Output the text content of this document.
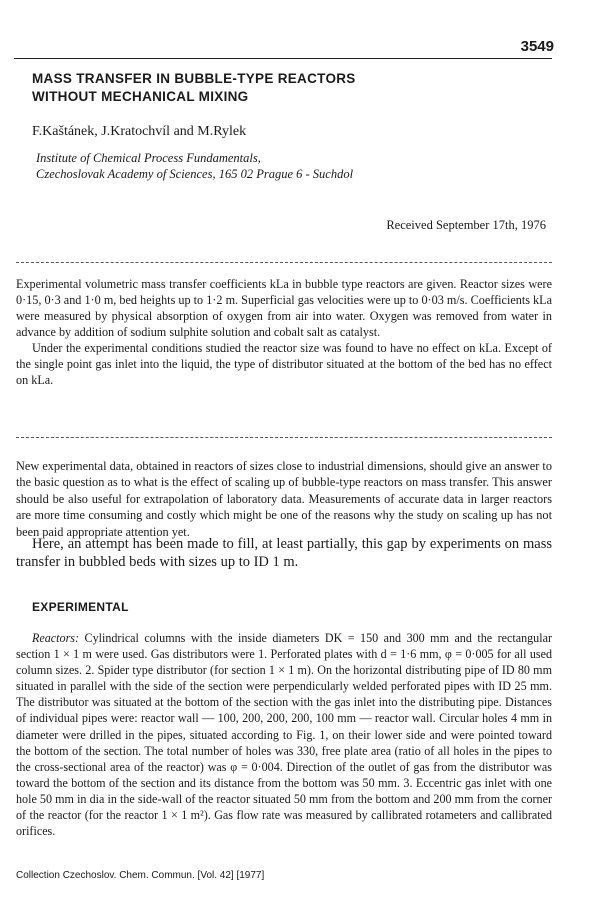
3549
MASS TRANSFER IN BUBBLE-TYPE REACTORS
WITHOUT MECHANICAL MIXING
F.Kaštánek, J.Kratochvíl and M.Rylek
Institute of Chemical Process Fundamentals,
Czechoslovak Academy of Sciences, 165 02 Prague 6 - Suchdol
Received September 17th, 1976

Experimental volumetric mass transfer coefficients kLa in bubble type reactors are given. Reactor sizes were 0·15, 0·3 and 1·0 m, bed heights up to 1·2 m. Superficial gas velocities were up to 0·03 m/s. Coefficients kLa were measured by physical absorption of oxygen from air into water. Oxygen was removed from water in advance by addition of sodium sulphite solution and cobalt salt as catalyst.

Under the experimental conditions studied the reactor size was found to have no effect on kLa. Except of the single point gas inlet into the liquid, the type of distributor situated at the bottom of the bed has no effect on kLa.

New experimental data, obtained in reactors of sizes close to industrial dimensions, should give an answer to the basic question as to what is the effect of scaling up of bubble-type reactors on mass transfer. This answer should be also useful for extrapolation of laboratory data. Measurements of accurate data in larger reactors are more time consuming and costly which might be one of the reasons why the study on scaling up has not been paid appropriate attention yet.

Here, an attempt has been made to fill, at least partially, this gap by experiments on mass transfer in bubbled beds with sizes up to ID 1 m.

EXPERIMENTAL

Reactors: Cylindrical columns with the inside diameters DK = 150 and 300 mm and the rectangular section 1 × 1 m were used. Gas distributors were 1. Perforated plates with d = 1·6 mm, φ = 0·005 for all used column sizes. 2. Spider type distributor (for section 1 × 1 m). On the horizontal distributing pipe of ID 80 mm situated in parallel with the side of the section were perpendicularly welded perforated pipes with ID 25 mm. The distributor was situated at the bottom of the section with the gas inlet into the distributing pipe. Distances of individual pipes were: reactor wall — 100, 200, 200, 200, 100 mm — reactor wall. Circular holes 4 mm in diameter were drilled in the pipes, situated according to Fig. 1, on their lower side and were pointed toward the bottom of the section. The total number of holes was 330, free plate area (ratio of all holes in the pipes to the cross-sectional area of the reactor) was φ = 0·004. Direction of the outlet of gas from the distributor was toward the bottom of the section and its distance from the bottom was 50 mm. 3. Eccentric gas inlet with one hole 50 mm in dia in the side-wall of the reactor situated 50 mm from the bottom and 200 mm from the corner of the reactor (for the reactor 1 × 1 m²). Gas flow rate was measured by callibrated rotameters and callibrated orifices.

Collection Czechoslov. Chem. Commun. [Vol. 42] [1977]
